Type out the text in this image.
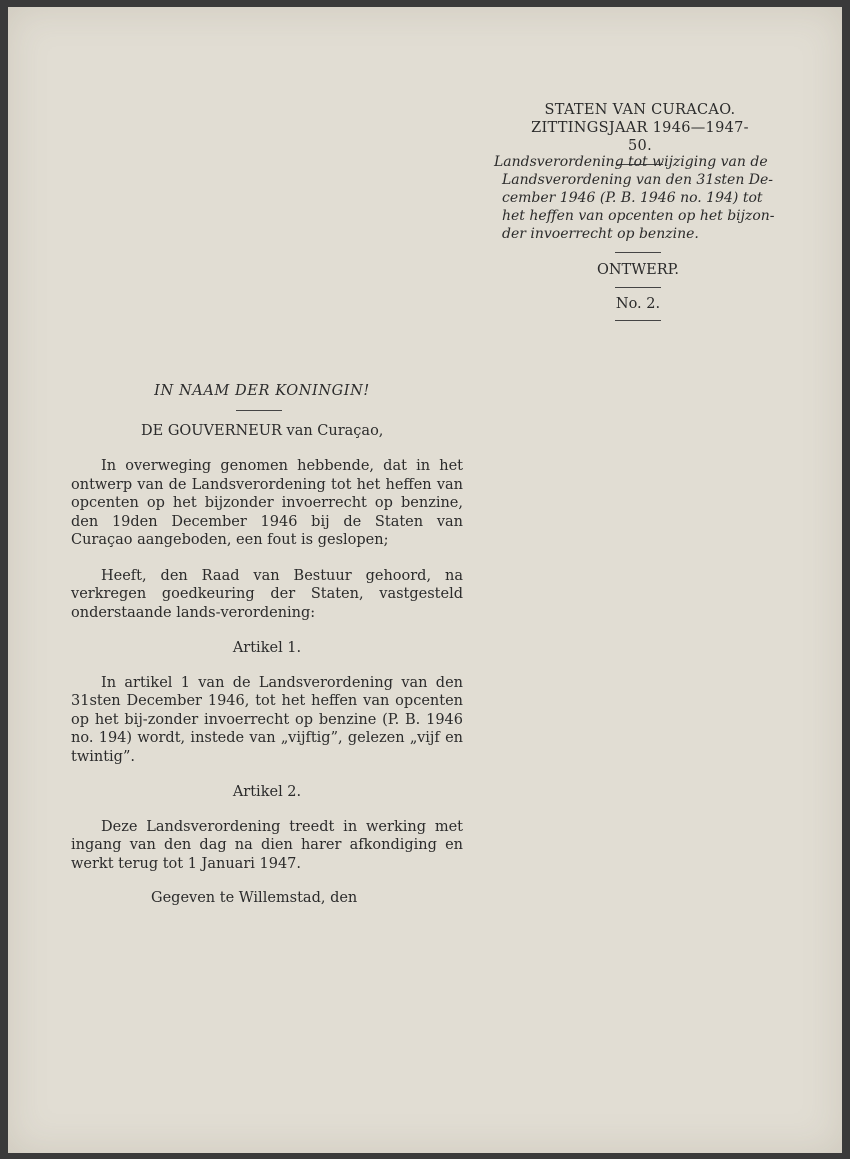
STATEN VAN CURACAO.
ZITTINGSJAAR 1946—1947-50.
Landsverordening tot wijziging van de
Landsverordening van den 31sten De-
cember 1946 (P. B. 1946 no. 194) tot
het heffen van opcenten op het bijzon-
der invoerrecht op benzine.
ONTWERP.
No. 2.
IN NAAM DER KONINGIN!
DE GOUVERNEUR van Curaçao,

In overweging genomen hebbende, dat in het ontwerp van de Landsverordening tot het heffen van opcenten op het bijzonder invoerrecht op benzine, den 19den December 1946 bij de Staten van Curaçao aangeboden, een fout is geslopen;

Heeft, den Raad van Bestuur gehoord, na verkregen goedkeuring der Staten, vastgesteld onderstaande lands-verordening:

Artikel 1.

In artikel 1 van de Landsverordening van den 31sten December 1946, tot het heffen van opcenten op het bij-zonder invoerrecht op benzine (P. B. 1946 no. 194) wordt, instede van „vijftig”, gelezen „vijf en twintig”.

Artikel 2.

Deze Landsverordening treedt in werking met ingang van den dag na dien harer afkondiging en werkt terug tot 1 Januari 1947.

Gegeven te Willemstad, den
